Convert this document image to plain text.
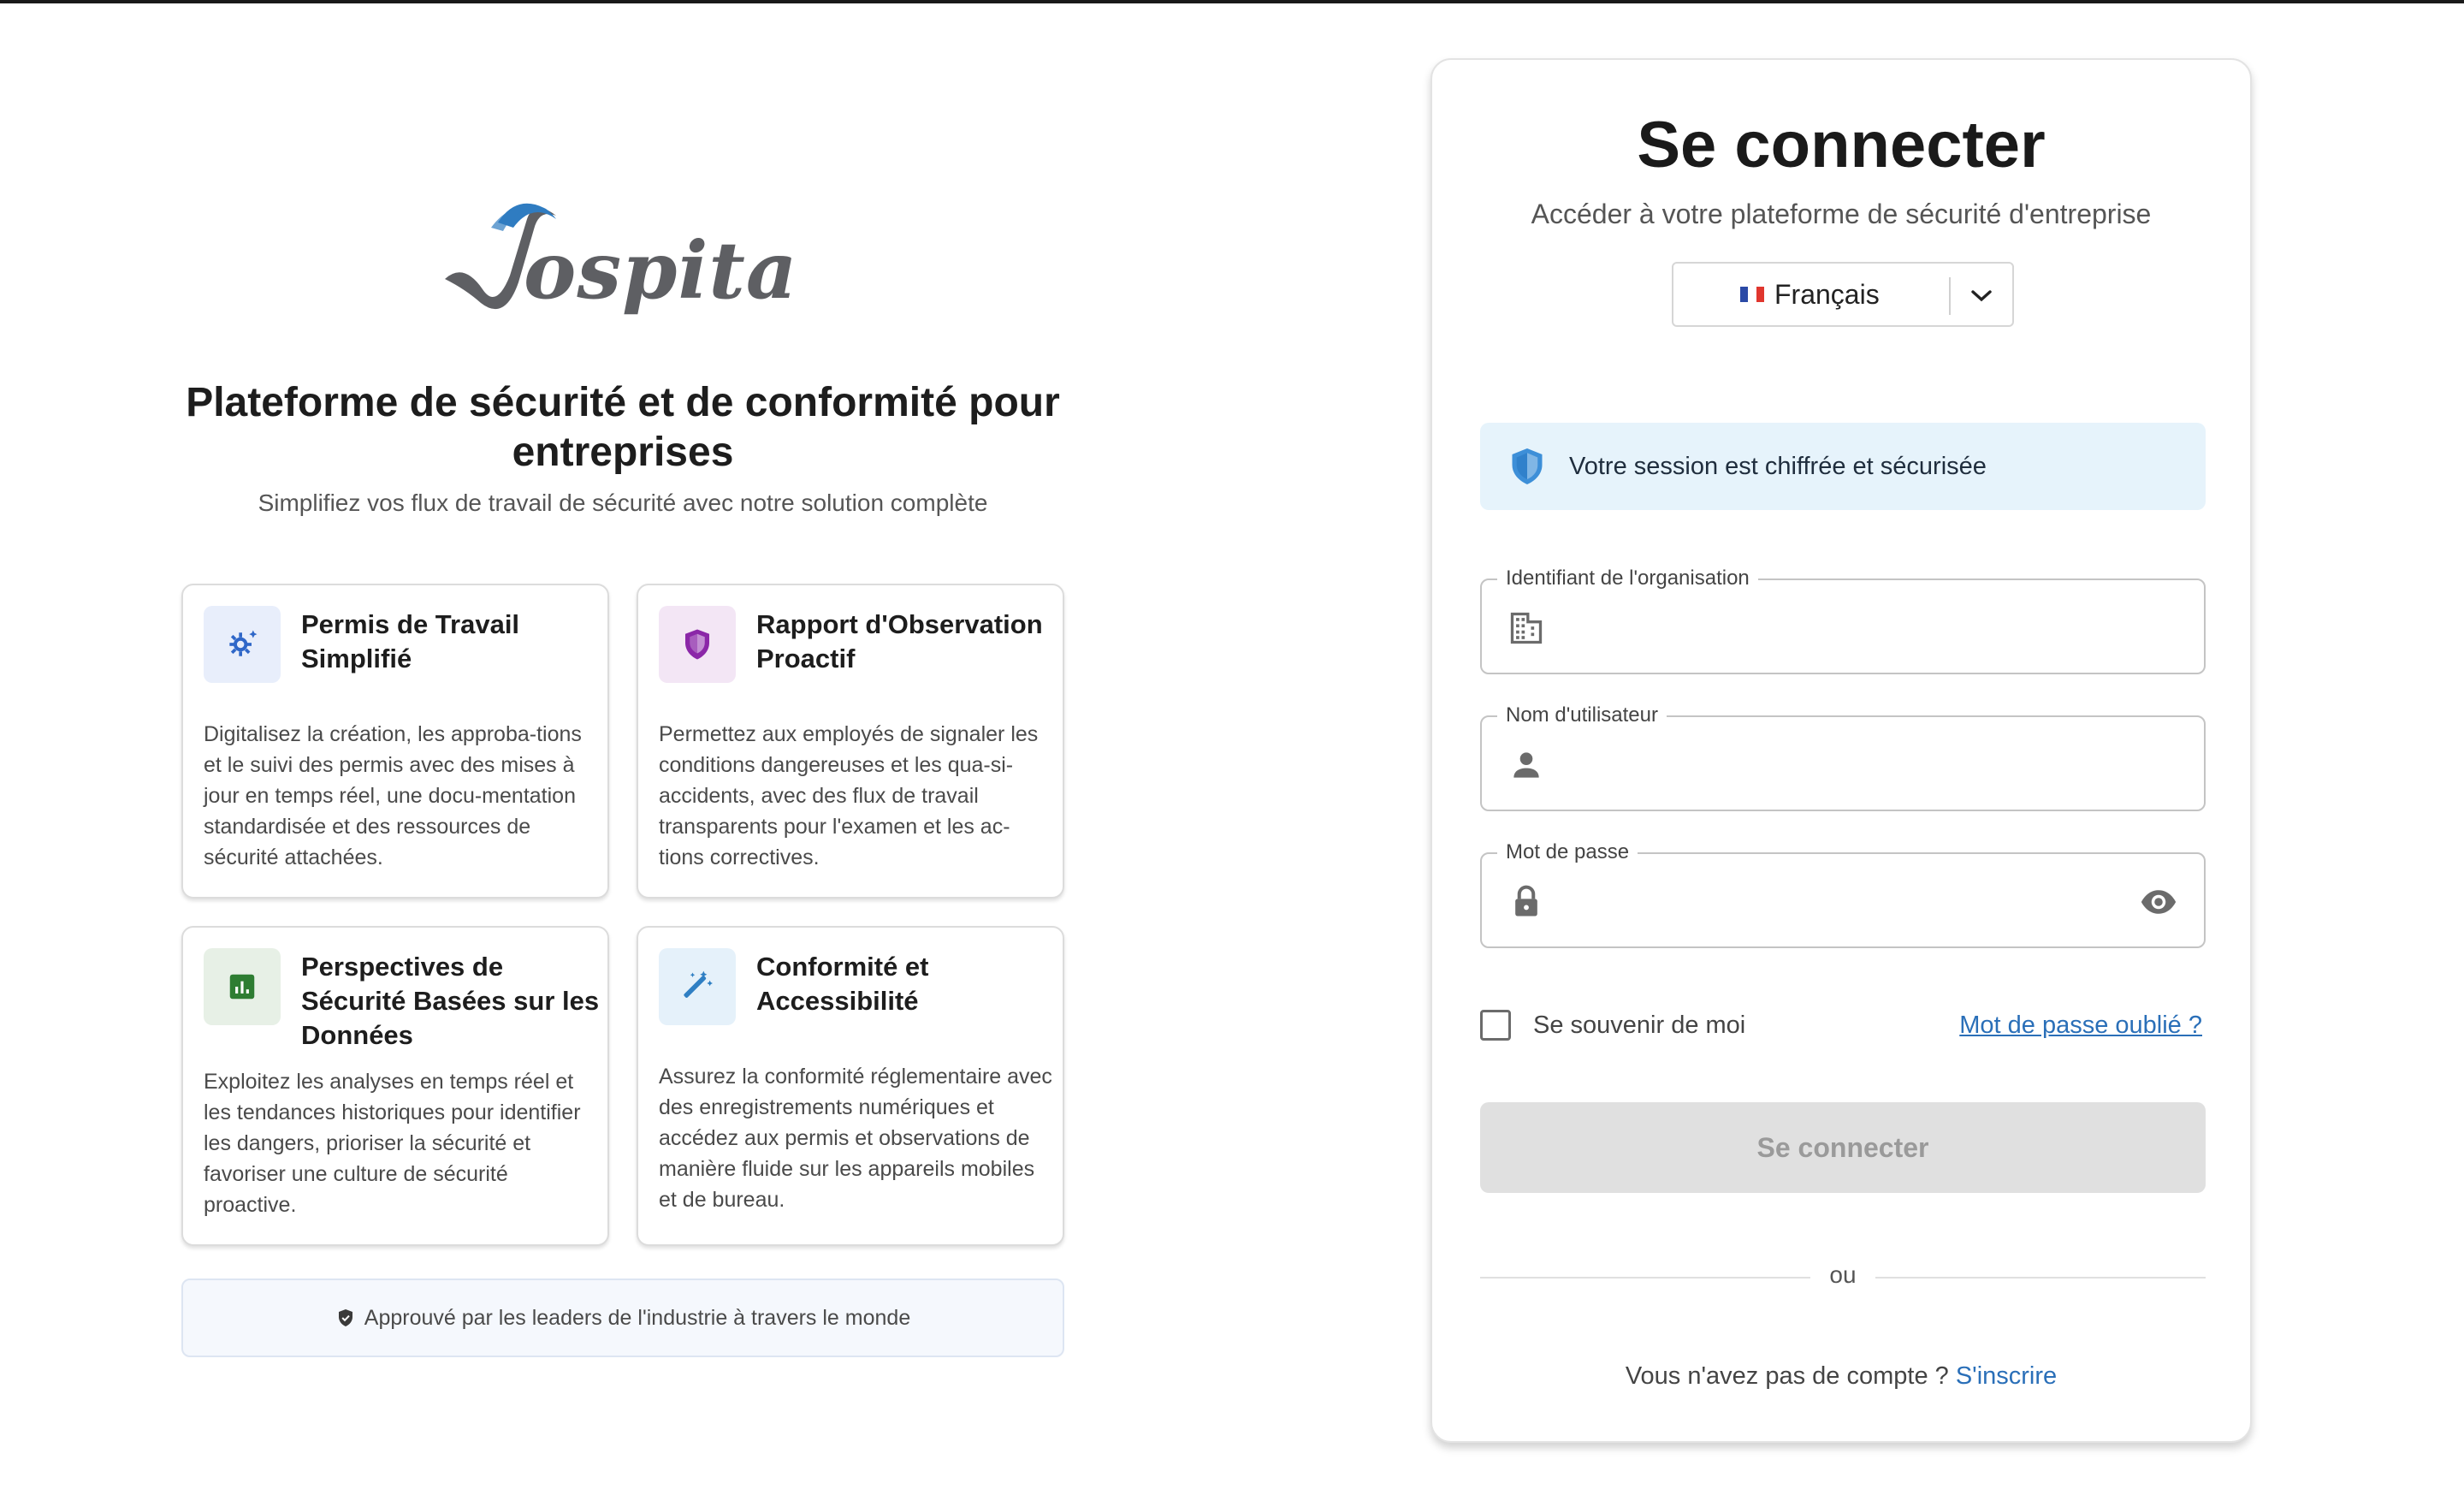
ospita
Plateforme de sécurité et de conformité pour entreprises

Simplifiez vos flux de travail de sécurité avec notre solution complète

Permis de Travail Simplifié
Digitalisez la création, les approba-tions et le suivi des permis avec des mises à jour en temps réel, une docu-mentation standardisée et des ressources de sécurité attachées.
Rapport d'Observation Proactif
Permettez aux employés de signaler les conditions dangereuses et les qua-si-accidents, avec des flux de travail transparents pour l'examen et les ac-tions correctives.
Perspectives de Sécurité Basées sur les Données
Exploitez les analyses en temps réel et les tendances historiques pour identifier les dangers, prioriser la sécurité et favoriser une culture de sécurité proactive.
Conformité et Accessibilité
Assurez la conformité réglementaire avec des enregistrements numériques et accédez aux permis et observations de manière fluide sur les appareils mobiles et de bureau.
Approuvé par les leaders de l'industrie à travers le monde
Se connecter

Accéder à votre plateforme de sécurité d'entreprise

Français
Votre session est chiffrée et sécurisée
Identifiant de l'organisation
Nom d'utilisateur
Mot de passe
Se souvenir de moi	Mot de passe oublié ?
Se connecter
ou

Vous n'avez pas de compte ? S'inscrire
